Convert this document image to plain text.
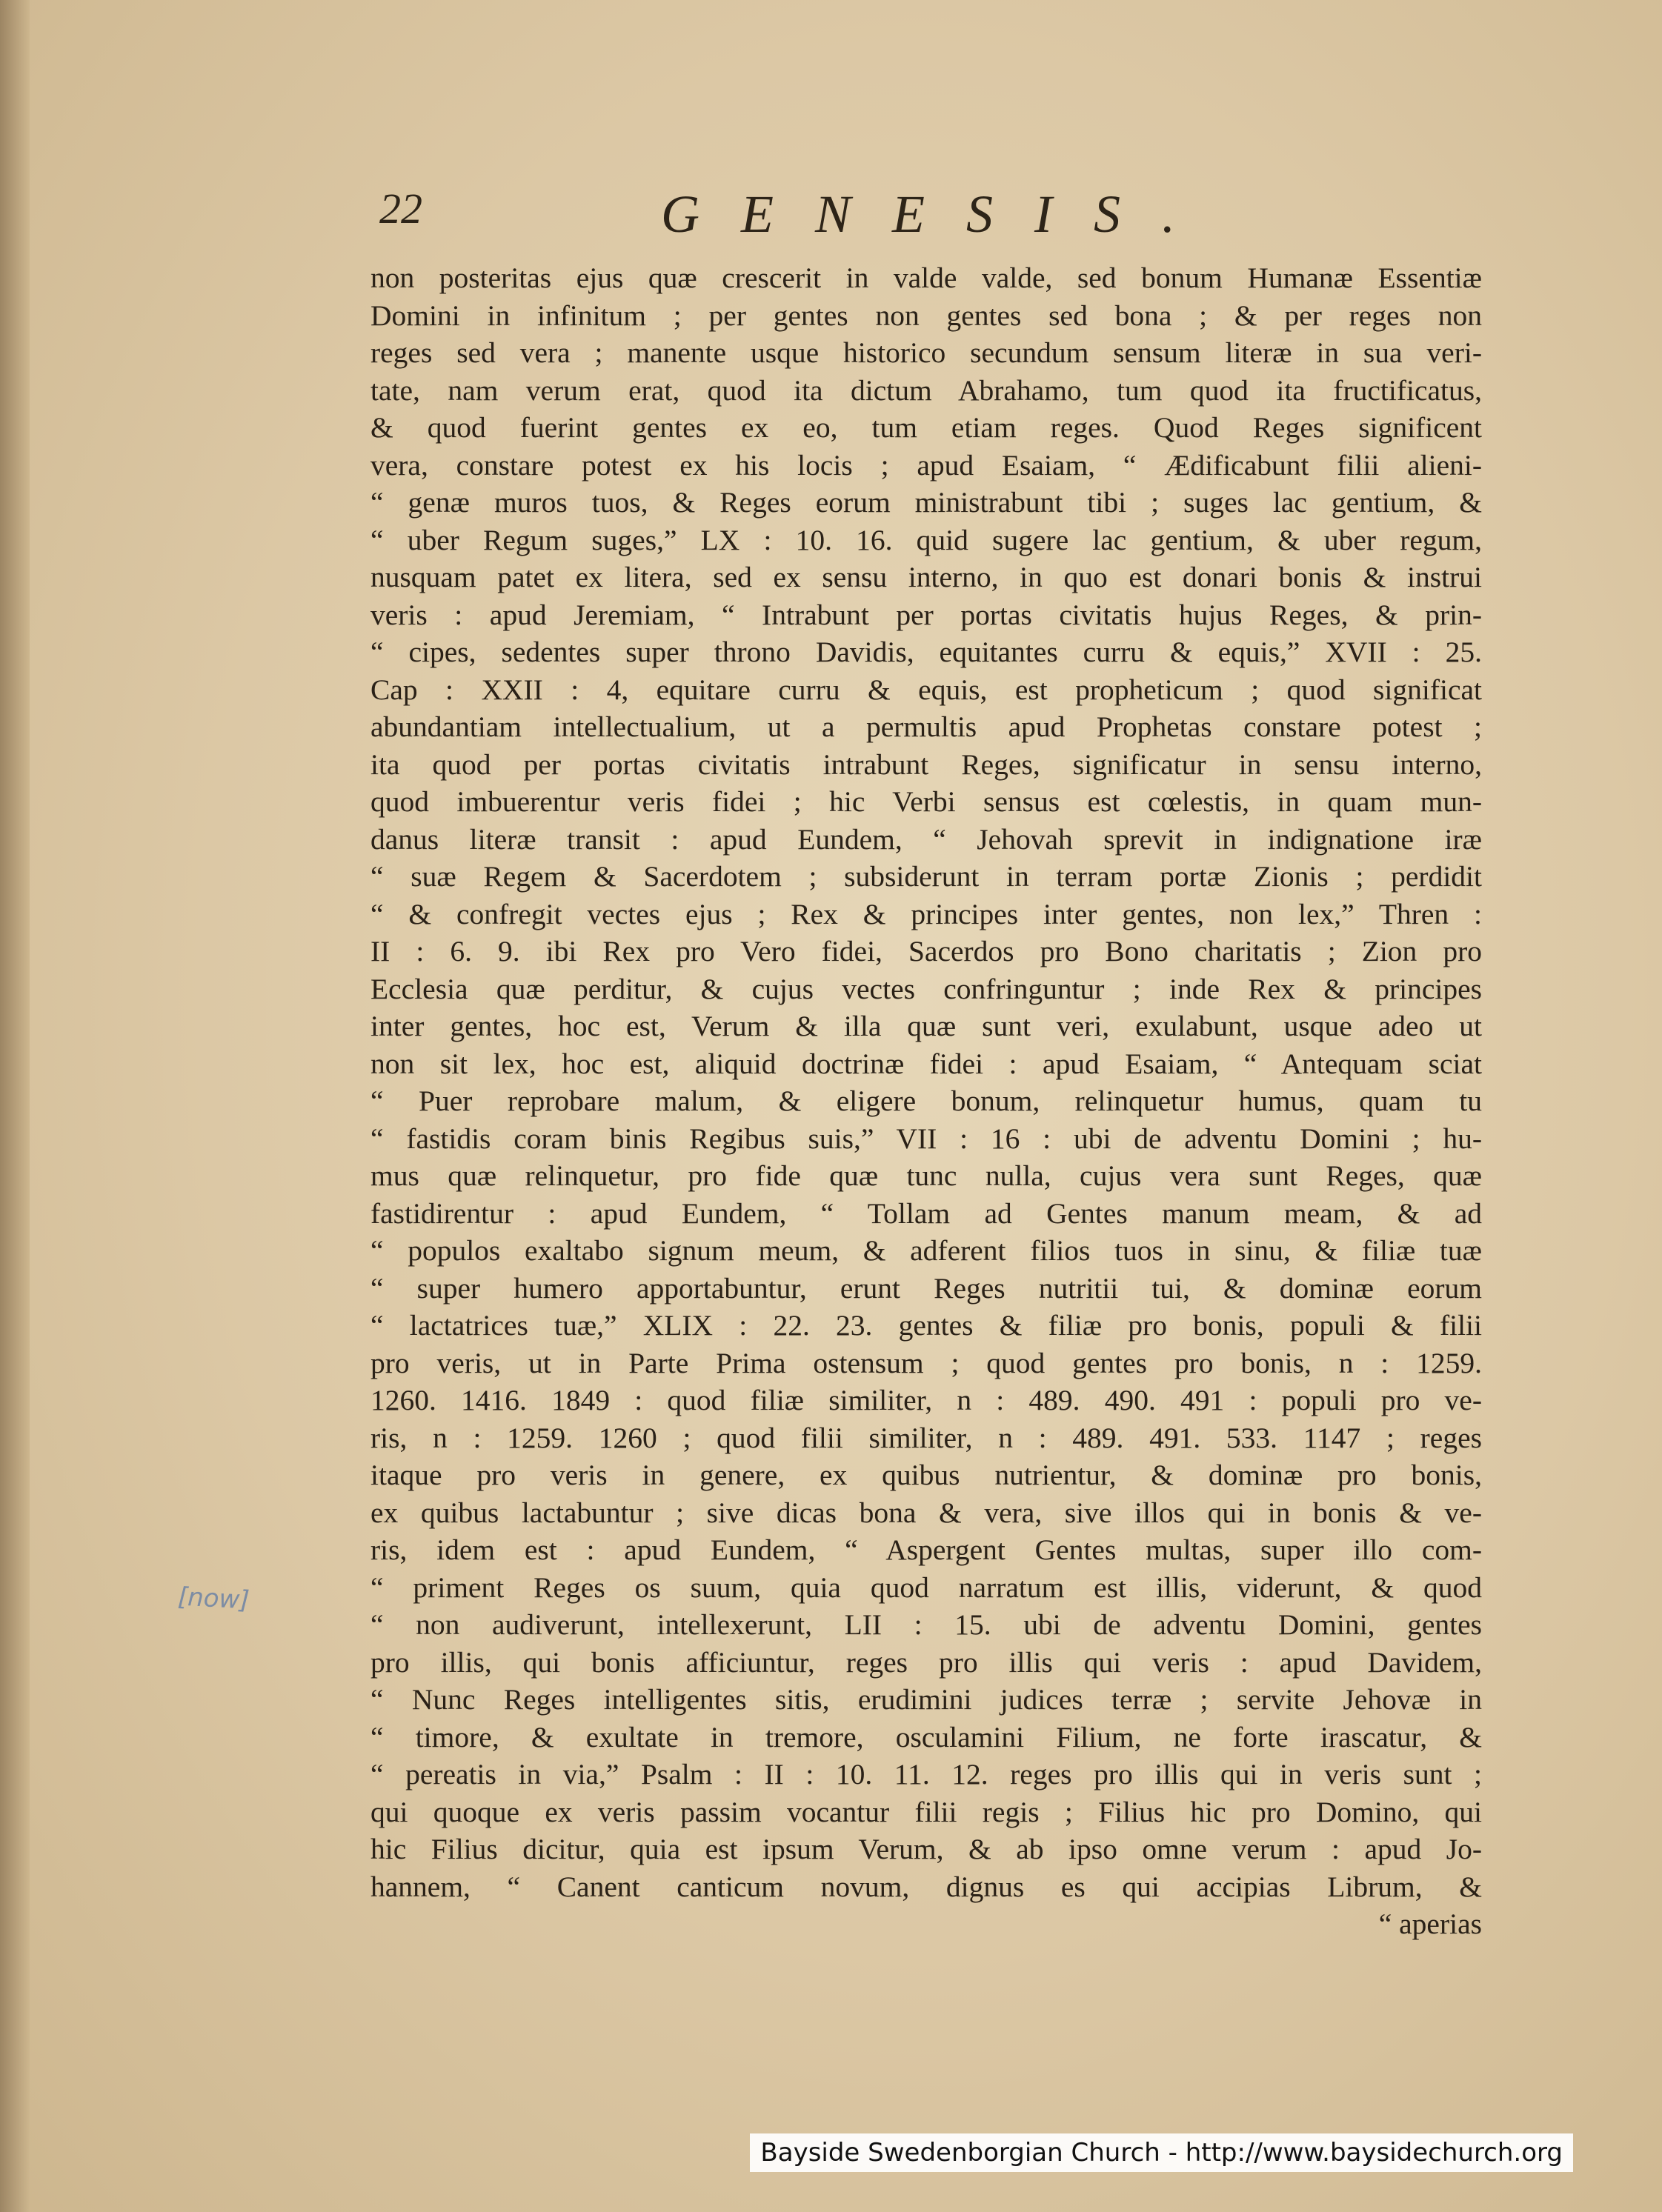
22	GENESIS.
non posteritas ejus quæ crescerit in valde valde, sed bonum Humanæ Essentiæ
Domini in infinitum ; per gentes non gentes sed bona ; & per reges non
reges sed vera ; manente usque historico secundum sensum literæ in sua veri-
tate, nam verum erat, quod ita dictum Abrahamo, tum quod ita fructificatus,
& quod fuerint gentes ex eo, tum etiam reges. Quod Reges significent
vera, constare potest ex his locis ; apud Esaiam, “ Ædificabunt filii alieni-
“ genæ muros tuos, & Reges eorum ministrabunt tibi ; suges lac gentium, &
“ uber Regum suges,” LX : 10. 16. quid sugere lac gentium, & uber regum,
nusquam patet ex litera, sed ex sensu interno, in quo est donari bonis & instrui
veris : apud Jeremiam, “ Intrabunt per portas civitatis hujus Reges, & prin-
“ cipes, sedentes super throno Davidis, equitantes curru & equis,” XVII : 25.
Cap : XXII : 4, equitare curru & equis, est propheticum ; quod significat
abundantiam intellectualium, ut a permultis apud Prophetas constare potest ;
ita quod per portas civitatis intrabunt Reges, significatur in sensu interno,
quod imbuerentur veris fidei ; hic Verbi sensus est cœlestis, in quam mun-
danus literæ transit : apud Eundem, “ Jehovah sprevit in indignatione iræ
“ suæ Regem & Sacerdotem ; subsiderunt in terram portæ Zionis ; perdidit
“ & confregit vectes ejus ; Rex & principes inter gentes, non lex,” Thren :
II : 6. 9. ibi Rex pro Vero fidei, Sacerdos pro Bono charitatis ; Zion pro
Ecclesia quæ perditur, & cujus vectes confringuntur ; inde Rex & principes
inter gentes, hoc est, Verum & illa quæ sunt veri, exulabunt, usque adeo ut
non sit lex, hoc est, aliquid doctrinæ fidei : apud Esaiam, “ Antequam sciat
“ Puer reprobare malum, & eligere bonum, relinquetur humus, quam tu
“ fastidis coram binis Regibus suis,” VII : 16 : ubi de adventu Domini ; hu-
mus quæ relinquetur, pro fide quæ tunc nulla, cujus vera sunt Reges, quæ
fastidirentur : apud Eundem, “ Tollam ad Gentes manum meam, & ad
“ populos exaltabo signum meum, & adferent filios tuos in sinu, & filiæ tuæ
“ super humero apportabuntur, erunt Reges nutritii tui, & dominæ eorum
“ lactatrices tuæ,” XLIX : 22. 23. gentes & filiæ pro bonis, populi & filii
pro veris, ut in Parte Prima ostensum ; quod gentes pro bonis, n : 1259.
1260. 1416. 1849 : quod filiæ similiter, n : 489. 490. 491 : populi pro ve-
ris, n : 1259. 1260 ; quod filii similiter, n : 489. 491. 533. 1147 ; reges
itaque pro veris in genere, ex quibus nutrientur, & dominæ pro bonis,
ex quibus lactabuntur ; sive dicas bona & vera, sive illos qui in bonis & ve-
ris, idem est : apud Eundem, “ Aspergent Gentes multas, super illo com-
“ priment Reges os suum, quia quod narratum est illis, viderunt, & quod
“ non audiverunt, intellexerunt, LII : 15. ubi de adventu Domini, gentes
pro illis, qui bonis afficiuntur, reges pro illis qui veris : apud Davidem,
“ Nunc Reges intelligentes sitis, erudimini judices terræ ; servite Jehovæ in
“ timore, & exultate in tremore, osculamini Filium, ne forte irascatur, &
“ pereatis in via,” Psalm : II : 10. 11. 12. reges pro illis qui in veris sunt ;
qui quoque ex veris passim vocantur filii regis ; Filius hic pro Domino, qui
hic Filius dicitur, quia est ipsum Verum, & ab ipso omne verum : apud Jo-
hannem, “ Canent canticum novum, dignus es qui accipias Librum, &
“ aperias
[now]
Bayside Swedenborgian Church - http://www.baysidechurch.org
